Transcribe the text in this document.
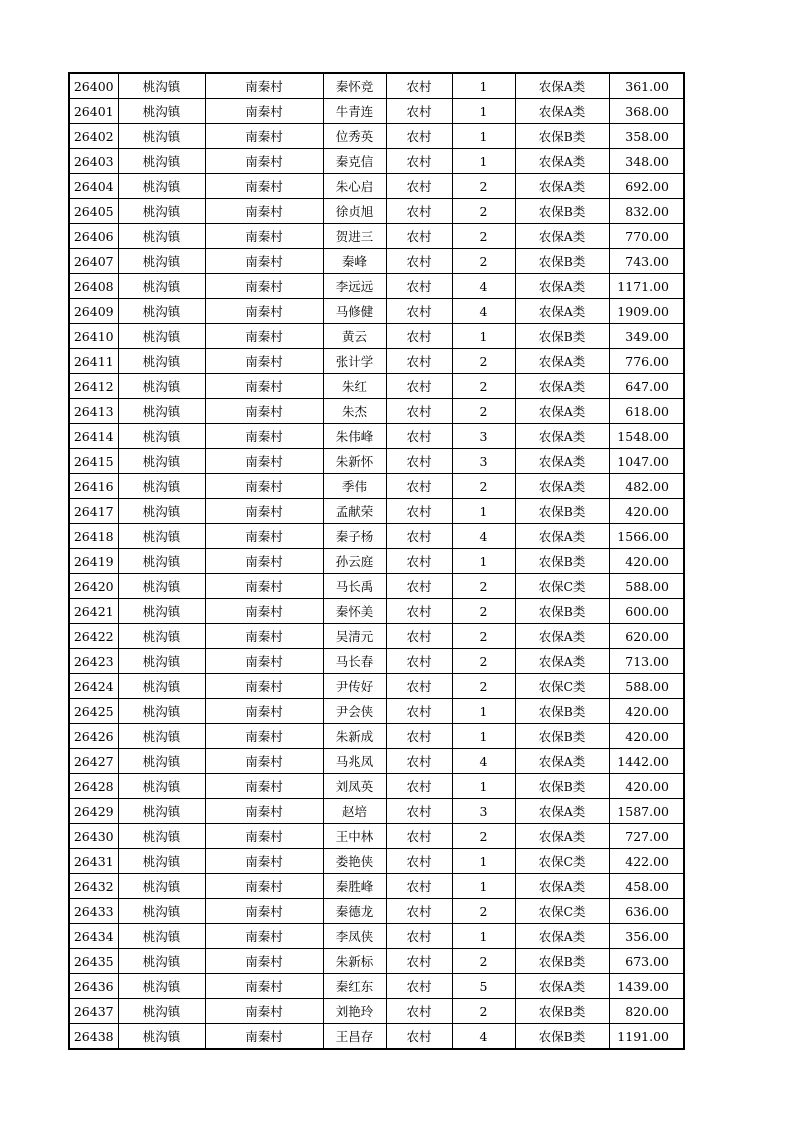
26400	桃沟镇	南秦村	秦怀竞	农村	1	农保A类	361.00
26401	桃沟镇	南秦村	牛青连	农村	1	农保A类	368.00
26402	桃沟镇	南秦村	位秀英	农村	1	农保B类	358.00
26403	桃沟镇	南秦村	秦克信	农村	1	农保A类	348.00
26404	桃沟镇	南秦村	朱心启	农村	2	农保A类	692.00
26405	桃沟镇	南秦村	徐贞旭	农村	2	农保B类	832.00
26406	桃沟镇	南秦村	贺进三	农村	2	农保A类	770.00
26407	桃沟镇	南秦村	秦峰	农村	2	农保B类	743.00
26408	桃沟镇	南秦村	李远远	农村	4	农保A类	1171.00
26409	桃沟镇	南秦村	马修健	农村	4	农保A类	1909.00
26410	桃沟镇	南秦村	黄云	农村	1	农保B类	349.00
26411	桃沟镇	南秦村	张计学	农村	2	农保A类	776.00
26412	桃沟镇	南秦村	朱红	农村	2	农保A类	647.00
26413	桃沟镇	南秦村	朱杰	农村	2	农保A类	618.00
26414	桃沟镇	南秦村	朱伟峰	农村	3	农保A类	1548.00
26415	桃沟镇	南秦村	朱新怀	农村	3	农保A类	1047.00
26416	桃沟镇	南秦村	季伟	农村	2	农保A类	482.00
26417	桃沟镇	南秦村	孟献荣	农村	1	农保B类	420.00
26418	桃沟镇	南秦村	秦子杨	农村	4	农保A类	1566.00
26419	桃沟镇	南秦村	孙云庭	农村	1	农保B类	420.00
26420	桃沟镇	南秦村	马长禹	农村	2	农保C类	588.00
26421	桃沟镇	南秦村	秦怀美	农村	2	农保B类	600.00
26422	桃沟镇	南秦村	吴清元	农村	2	农保A类	620.00
26423	桃沟镇	南秦村	马长春	农村	2	农保A类	713.00
26424	桃沟镇	南秦村	尹传好	农村	2	农保C类	588.00
26425	桃沟镇	南秦村	尹会侠	农村	1	农保B类	420.00
26426	桃沟镇	南秦村	朱新成	农村	1	农保B类	420.00
26427	桃沟镇	南秦村	马兆凤	农村	4	农保A类	1442.00
26428	桃沟镇	南秦村	刘凤英	农村	1	农保B类	420.00
26429	桃沟镇	南秦村	赵培	农村	3	农保A类	1587.00
26430	桃沟镇	南秦村	王中林	农村	2	农保A类	727.00
26431	桃沟镇	南秦村	娄艳侠	农村	1	农保C类	422.00
26432	桃沟镇	南秦村	秦胜峰	农村	1	农保A类	458.00
26433	桃沟镇	南秦村	秦德龙	农村	2	农保C类	636.00
26434	桃沟镇	南秦村	李凤侠	农村	1	农保A类	356.00
26435	桃沟镇	南秦村	朱新标	农村	2	农保B类	673.00
26436	桃沟镇	南秦村	秦红东	农村	5	农保A类	1439.00
26437	桃沟镇	南秦村	刘艳玲	农村	2	农保B类	820.00
26438	桃沟镇	南秦村	王昌存	农村	4	农保B类	1191.00
